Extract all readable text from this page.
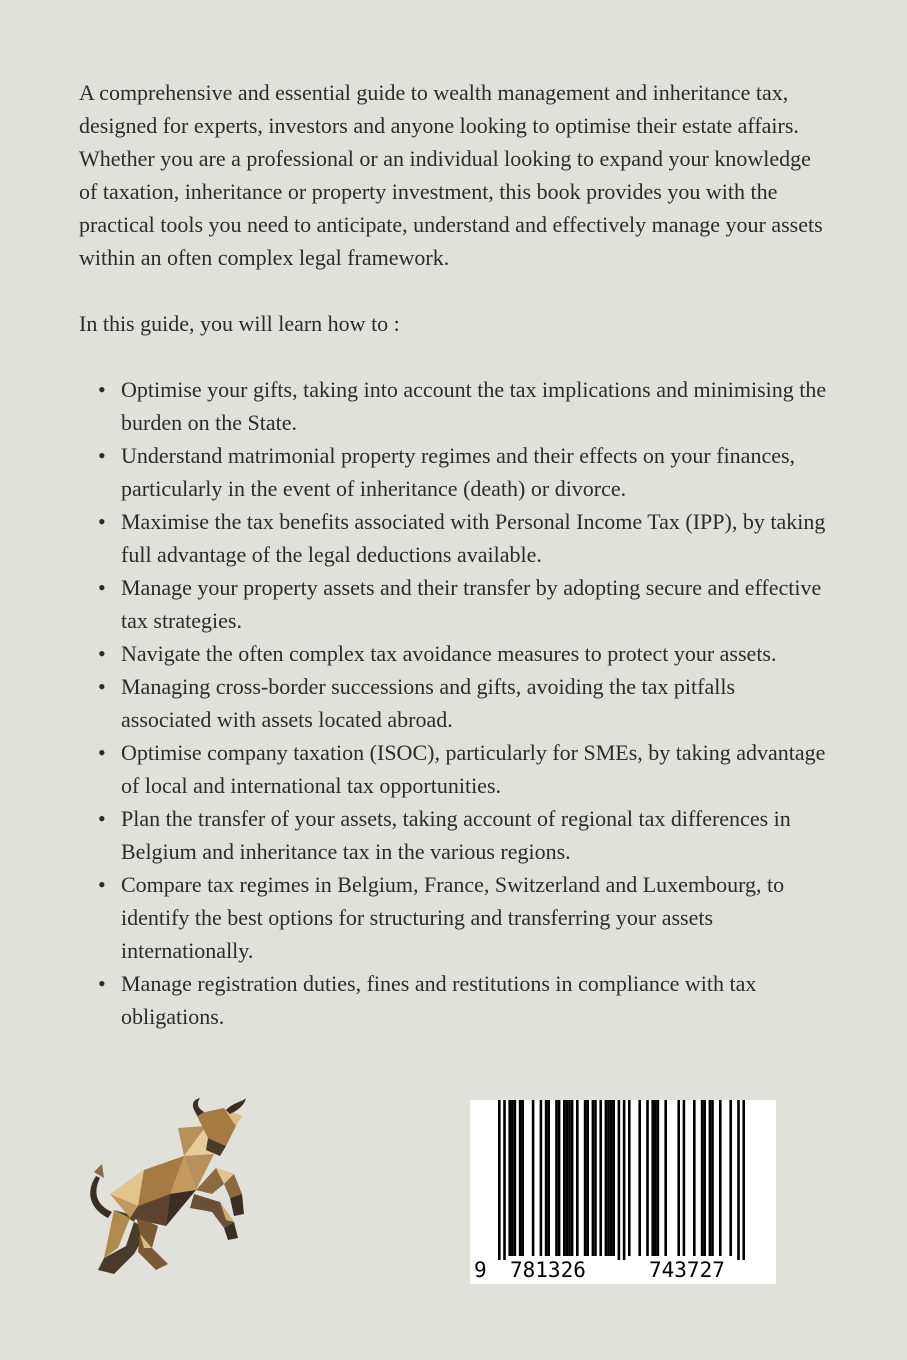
A comprehensive and essential guide to wealth management and inheritance tax, designed for experts, investors and anyone looking to optimise their estate affairs. Whether you are a professional or an individual looking to expand your knowledge of taxation, inheritance or property investment, this book provides you with the practical tools you need to anticipate, understand and effectively manage your assets within an often complex legal framework.

In this guide, you will learn how to :

• Optimise your gifts, taking into account the tax implications and minimising the burden on the State.
• Understand matrimonial property regimes and their effects on your finances, particularly in the event of inheritance (death) or divorce.
• Maximise the tax benefits associated with Personal Income Tax (IPP), by taking full advantage of the legal deductions available.
• Manage your property assets and their transfer by adopting secure and effective tax strategies.
• Navigate the often complex tax avoidance measures to protect your assets.
• Managing cross-border successions and gifts, avoiding the tax pitfalls associated with assets located abroad.
• Optimise company taxation (ISOC), particularly for SMEs, by taking advantage of local and international tax opportunities.
• Plan the transfer of your assets, taking account of regional tax differences in Belgium and inheritance tax in the various regions.
• Compare tax regimes in Belgium, France, Switzerland and Luxembourg, to identify the best options for structuring and transferring your assets internationally.
• Manage registration duties, fines and restitutions in compliance with tax obligations.
9 781326	743727
